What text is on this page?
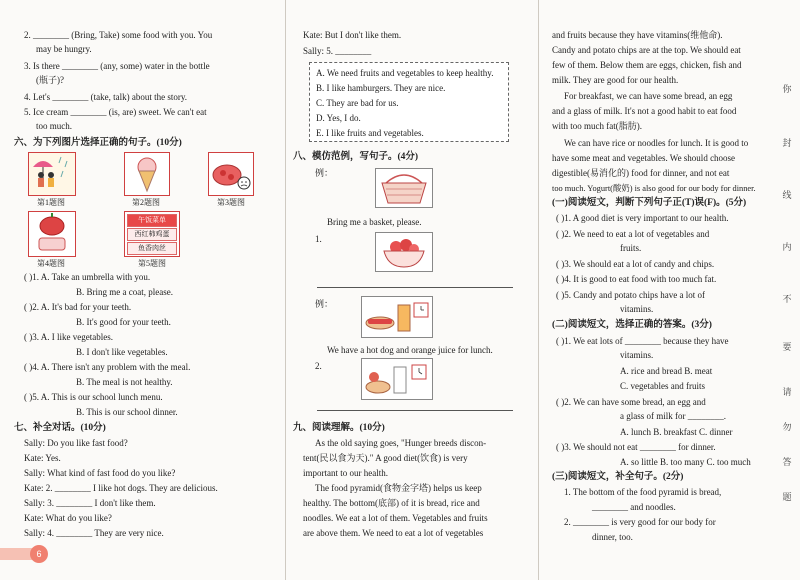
2. ________ (Bring, Take) some food with you. You
may be hungry.
3. Is there ________ (any, some) water in the bottle
(瓶子)?
4. Let's ________ (take, talk) about the story.
5. Ice cream ________ (is, are) sweet. We can't eat
too much.
六、为下列图片选择正确的句子。(10分)
第1题图	第2题图	第3题图
午饭菜单
西红柿鸡蛋
鱼香肉丝
第4题图	第5题图
( )1. A. Take an umbrella with you.
B. Bring me a coat, please.
( )2. A. It's bad for your teeth.
B. It's good for your teeth.
( )3. A. I like vegetables.
B. I don't like vegetables.
( )4. A. There isn't any problem with the meal.
B. The meal is not healthy.
( )5. A. This is our school lunch menu.
B. This is our school dinner.
七、补全对话。(10分)
Sally: Do you like fast food?
Kate: Yes.
Sally: What kind of fast food do you like?
Kate: 2. ________ I like hot dogs. They are delicious.
Sally: 3. ________ I don't like them.
Kate: What do you like?
Sally: 4. ________ They are very nice.
Kate: But I don't like them.
Sally: 5. ________
A. We need fruits and vegetables to keep healthy.
B. I like hamburgers. They are nice.
C. They are bad for us.
D. Yes, I do.
E. I like fruits and vegetables.
八、模仿范例，写句子。(4分)
例：
Bring me a basket, please.
1.
例：
We have a hot dog and orange juice for lunch.
2.
九、阅读理解。(10分)
As the old saying goes, "Hunger breeds discon-
tent(民以食为天)." A good diet(饮食) is very
important to our health.
The food pyramid(食物金字塔) helps us keep
healthy. The bottom(底部) of it is bread, rice and
noodles. We eat a lot of them. Vegetables and fruits
are above them. We need to eat a lot of vegetables
and fruits because they have vitamins(维他命).
Candy and potato chips are at the top. We should eat
few of them. Below them are eggs, chicken, fish and
milk. They are good for our health.
For breakfast, we can have some bread, an egg
and a glass of milk. It's not a good habit to eat food
with too much fat(脂肪).
We can have rice or noodles for lunch. It is good to
have some meat and vegetables. We should choose
digestible(易消化的) food for dinner, and not eat
too much. Yogurt(酸奶) is also good for our body for dinner.
(一)阅读短文，判断下列句子正(T)误(F)。(5分)
( )1. A good diet is very important to our health.
( )2. We need to eat a lot of vegetables and
fruits.
( )3. We should eat a lot of candy and chips.
( )4. It is good to eat food with too much fat.
( )5. Candy and potato chips have a lot of
vitamins.
(二)阅读短文，选择正确的答案。(3分)
( )1. We eat lots of ________ because they have
vitamins.
A. rice and bread B. meat
C. vegetables and fruits
( )2. We can have some bread, an egg and
a glass of milk for ________.
A. lunch B. breakfast C. dinner
( )3. We should not eat ________ for dinner.
A. so little B. too many C. too much
(三)阅读短文，补全句子。(2分)
1. The bottom of the food pyramid is bread,
________ and noodles.
2. ________ is very good for our body for
dinner, too.
你
封
线
内
不
要
请
勿
答
题
6
